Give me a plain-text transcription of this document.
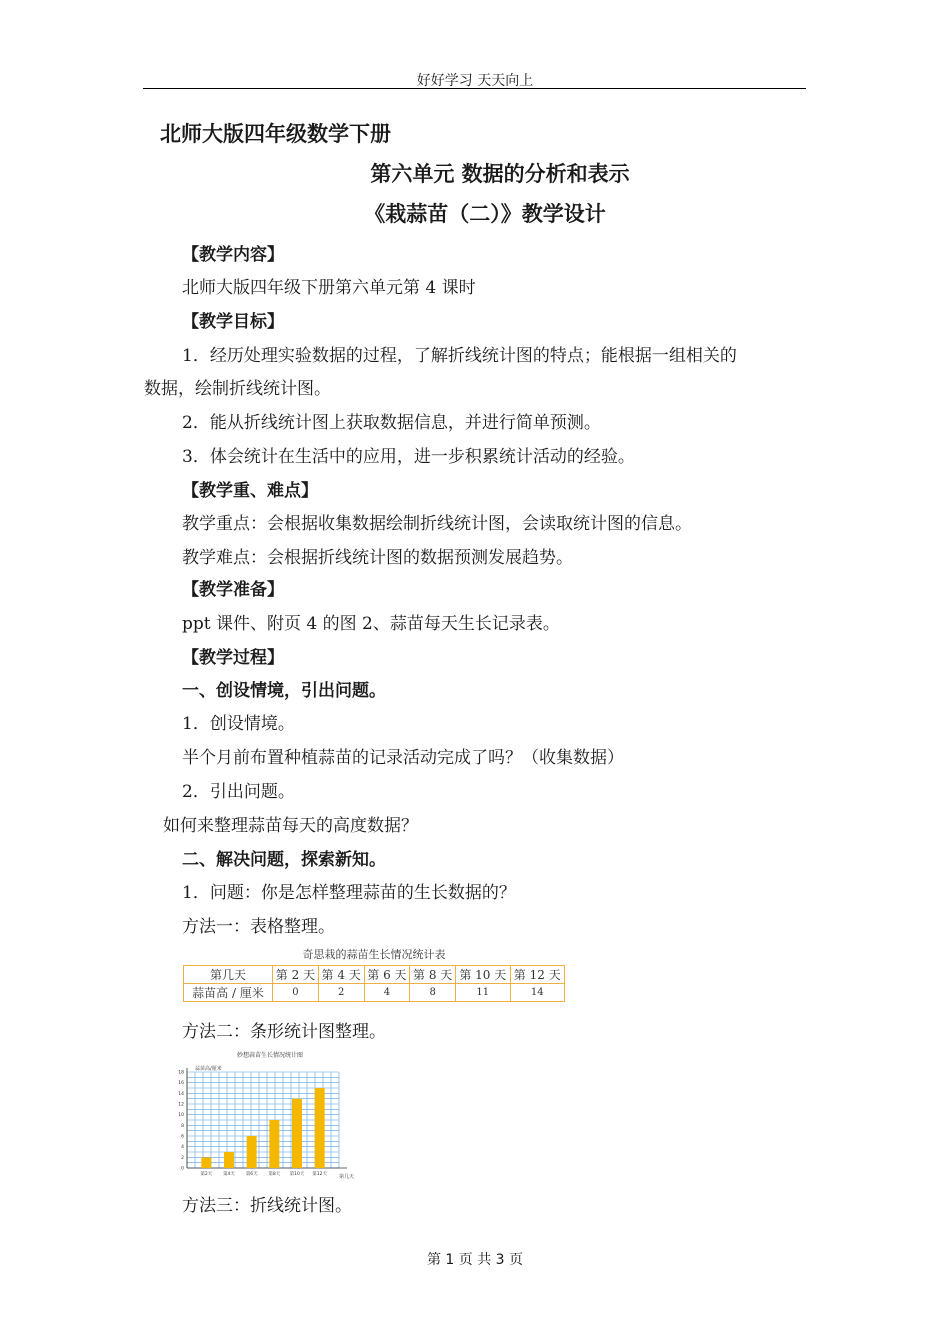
好好学习 天天向上
北师大版四年级数学下册
第六单元 数据的分析和表示
《栽蒜苗（二）》教学设计
【教学内容】
北师大版四年级下册第六单元第 4 课时
【教学目标】
1．经历处理实验数据的过程，了解折线统计图的特点；能根据一组相关的
数据，绘制折线统计图。
2．能从折线统计图上获取数据信息，并进行简单预测。
3．体会统计在生活中的应用，进一步积累统计活动的经验。
【教学重、难点】
教学重点：会根据收集数据绘制折线统计图，会读取统计图的信息。
教学难点：会根据折线统计图的数据预测发展趋势。
【教学准备】
ppt 课件、附页 4 的图 2、蒜苗每天生长记录表。
【教学过程】
一、创设情境，引出问题。
1．创设情境。
半个月前布置种植蒜苗的记录活动完成了吗？（收集数据）
2．引出问题。
如何来整理蒜苗每天的高度数据？
二、解决问题，探索新知。
1．问题：你是怎样整理蒜苗的生长数据的？
方法一：表格整理。
奇思栽的蒜苗生长情况统计表
第几天	第 2 天	第 4 天	第 6 天	第 8 天	第 10 天	第 12 天
蒜苗高 / 厘米	0	2	4	8	11	14
方法二：条形统计图整理。
妙想蒜苗生长情况统计图
蒜苗高/厘米
第几天
0
2
4
6
8
10
12
14
16
18
第2天 第4天 第6天 第8天 第10天 第12天
方法三：折线统计图。
第 1 页 共 3 页
